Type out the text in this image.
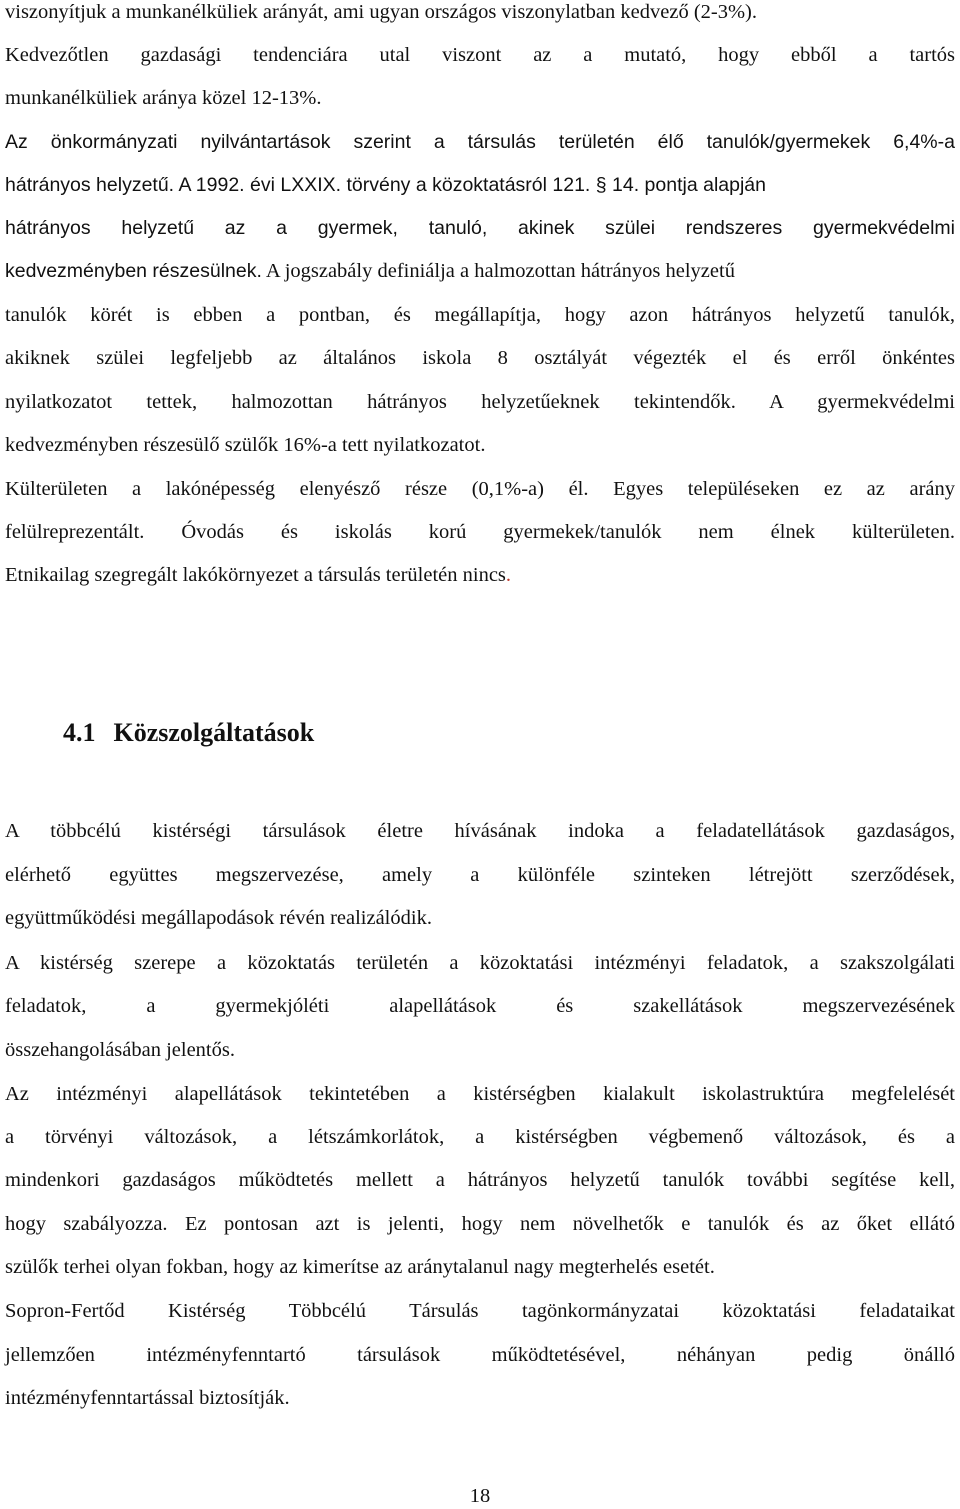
viszonyítjuk a munkanélküliek arányát, ami ugyan országos viszonylatban kedvező (2-3%).
Kedvezőtlen gazdasági tendenciára utal viszont az a mutató, hogy ebből a tartós
munkanélküliek aránya közel 12-13%.
Az önkormányzati nyilvántartások szerint a társulás területén élő tanulók/gyermekek 6,4%-a
hátrányos helyzetű. A 1992. évi LXXIX. törvény a közoktatásról 121. § 14. pontja alapján
hátrányos helyzetű az a gyermek, tanuló, akinek szülei rendszeres gyermekvédelmi
kedvezményben részesülnek. A jogszabály definiálja a halmozottan hátrányos helyzetű
tanulók körét is ebben a pontban, és megállapítja, hogy azon hátrányos helyzetű tanulók,
akiknek szülei legfeljebb az általános iskola 8 osztályát végezték el és erről önkéntes
nyilatkozatot tettek, halmozottan hátrányos helyzetűeknek tekintendők. A gyermekvédelmi
kedvezményben részesülő szülők 16%-a tett nyilatkozatot.
Külterületen a lakónépesség elenyésző része (0,1%-a) él. Egyes településeken ez az arány
felülreprezentált. Óvodás és iskolás korú gyermekek/tanulók nem élnek külterületen.
Etnikailag szegregált lakókörnyezet a társulás területén nincs.
4.1 Közszolgáltatások
A többcélú kistérségi társulások életre hívásának indoka a feladatellátások gazdaságos,
elérhető együttes megszervezése, amely a különféle szinteken létrejött szerződések,
együttműködési megállapodások révén realizálódik.
A kistérség szerepe a közoktatás területén a közoktatási intézményi feladatok, a szakszolgálati
feladatok, a gyermekjóléti alapellátások és szakellátások megszervezésének
összehangolásában jelentős.
Az intézményi alapellátások tekintetében a kistérségben kialakult iskolastruktúra megfelelését
a törvényi változások, a létszámkorlátok, a kistérségben végbemenő változások, és a
mindenkori gazdaságos működtetés mellett a hátrányos helyzetű tanulók további segítése kell,
hogy szabályozza. Ez pontosan azt is jelenti, hogy nem növelhetők e tanulók és az őket ellátó
szülők terhei olyan fokban, hogy az kimerítse az aránytalanul nagy megterhelés esetét.
Sopron-Fertőd Kistérség Többcélú Társulás tagönkormányzatai közoktatási feladataikat
jellemzően intézményfenntartó társulások működtetésével, néhányan pedig önálló
intézményfenntartással biztosítják.
18
